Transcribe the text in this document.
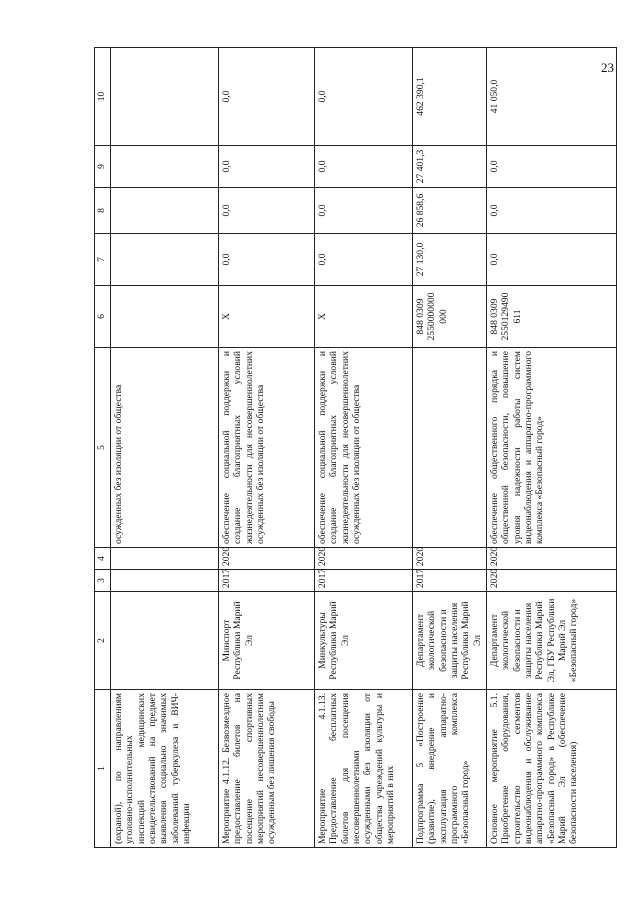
23
1	2	3	4	5	6	7	8	9	10
(охраной), по направлениям уголовно-исполнительных инспекций медицинских освидетельствований на предмет выявления социально значимых заболеваний туберкулеза и ВИЧ-инфекции				осужденных без изоляции от общества					
Мероприятие 4.1.12. Безвозмездное предоставление билетов на посещение спортивных мероприятий несовершеннолетним осужденным без лишения свободы	Минспорт Республики Марий Эл	2017	2020	обеспечение социальной поддержки и создание благоприятных условий жизнедеятельности для несовершеннолетних осужденных без изоляции от общества	Х	0,0	0,0	0,0	0,0
Мероприятие 4.1.13. Предоставление бесплатных билетов для посещения несовершеннолетними осужденными без изоляции от общества учреждений культуры и мероприятий в них	Минкультуры Республики Марий Эл	2017	2020	обеспечение социальной поддержки и создание благоприятных условий жизнедеятельности для несовершеннолетних осужденных без изоляции от общества	Х	0,0	0,0	0,0	0,0
Подпрограмма 5 «Построение (развитие), внедрение и эксплуатация аппаратно-программного комплекса «Безопасный город»	Департамент экологической безопасности и защиты населения Республики Марий Эл	2017	2020		848 0309 2550000000 000	27 130,0	26 858,6	27 401,3	462 390,1
Основное мероприятие 5.1. Приобретение оборудования, строительство сегментов видеонаблюдения и обслуживание аппаратно-программного комплекса «Безопасный город» в Республике Марий Эл (обеспечение безопасности населения)	Департамент экологической безопасности и защиты населения Республики Марий Эл, ГБУ Республики Марий Эл «Безопасный город»	2020	2020	обеспечение общественного порядка и общественной безопасности, повышение уровня надежности работы систем видеонаблюдения и аппаратно-программного комплекса «Безопасный город»	848 0309 2550129490 611	0,0	0,0	0,0	41 050,0
